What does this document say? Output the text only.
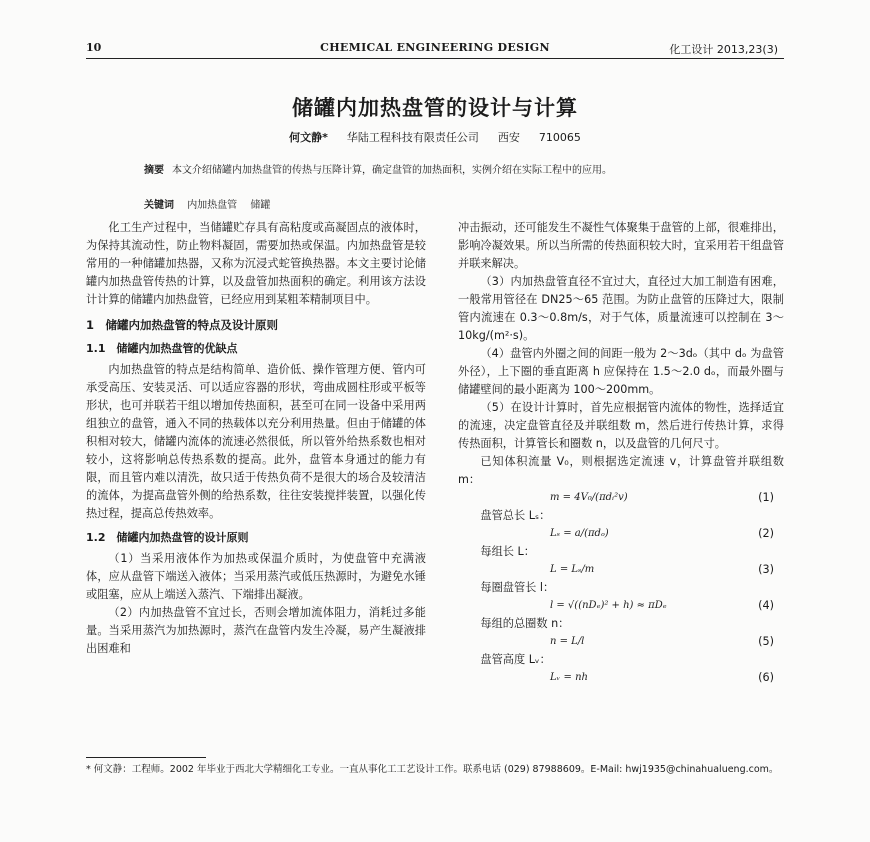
10	CHEMICAL ENGINEERING DESIGN	化工设计 2013,23(3)
储罐内加热盘管的设计与计算
何文静* 华陆工程科技有限责任公司 西安 710065
摘要 本文介绍储罐内加热盘管的传热与压降计算，确定盘管的加热面积，实例介绍在实际工程中的应用。
关键词 内加热盘管 储罐

化工生产过程中，当储罐贮存具有高粘度或高凝固点的液体时，为保持其流动性，防止物料凝固，需要加热或保温。内加热盘管是较常用的一种储罐加热器，又称为沉浸式蛇管换热器。本文主要讨论储罐内加热盘管传热的计算，以及盘管加热面积的确定。利用该方法设计计算的储罐内加热盘管，已经应用到某粗苯精制项目中。

1　储罐内加热盘管的特点及设计原则
1.1　储罐内加热盘管的优缺点

内加热盘管的特点是结构简单、造价低、操作管理方便、管内可承受高压、安装灵活、可以适应容器的形状，弯曲成圆柱形或平板等形状，也可并联若干组以增加传热面积，甚至可在同一设备中采用两组独立的盘管，通入不同的热载体以充分利用热量。但由于储罐的体积相对较大，储罐内流体的流速必然很低，所以管外给热系数也相对较小，这将影响总传热系数的提高。此外，盘管本身通过的能力有限，而且管内难以清洗，故只适于传热负荷不是很大的场合及较清洁的流体，为提高盘管外侧的给热系数，往往安装搅拌装置，以强化传热过程，提高总传热效率。

1.2　储罐内加热盘管的设计原则

（1）当采用液体作为加热或保温介质时，为使盘管中充满液体，应从盘管下端送入液体；当采用蒸汽或低压热源时，为避免水锤或阻塞，应从上端送入蒸汽、下端排出凝液。

（2）内加热盘管不宜过长，否则会增加流体阻力，消耗过多能量。当采用蒸汽为加热源时，蒸汽在盘管内发生冷凝，易产生凝液排出困难和

冲击振动，还可能发生不凝性气体聚集于盘管的上部，很难排出，影响冷凝效果。所以当所需的传热面积较大时，宜采用若干组盘管并联来解决。

（3）内加热盘管直径不宜过大，直径过大加工制造有困难，一般常用管径在 DN25～65 范围。为防止盘管的压降过大，限制管内流速在 0.3～0.8m/s，对于气体，质量流速可以控制在 3～10kg/(m²·s)。

（4）盘管内外圈之间的间距一般为 2～3dₒ（其中 dₒ 为盘管外径），上下圈的垂直距离 h 应保持在 1.5～2.0 dₒ，而最外圈与储罐壁间的最小距离为 100～200mm。

（5）在设计计算时，首先应根据管内流体的物性，选择适宜的流速，决定盘管直径及并联组数 m，然后进行传热计算，求得传热面积，计算管长和圈数 n，以及盘管的几何尺寸。

已知体积流量 V₀，则根据选定流速 v，计算盘管并联组数 m：

m = 4V₀/(πdᵢ²v)	(1)
盘管总长 Lₛ：
Lₛ = a/(πdₒ)	(2)
每组长 L：
L = Lₛ/m	(3)
每圈盘管长 l：
l = √((nDₑ)² + h) ≈ πDₑ	(4)
每组的总圈数 n：
n = L/l	(5)
盘管高度 Lᵥ：
Lᵥ = nh	(6)
* 何文静：工程师。2002 年毕业于西北大学精细化工专业。一直从事化工工艺设计工作。联系电话 (029) 87988609。E-Mail: hwj1935@chinahualueng.com。
